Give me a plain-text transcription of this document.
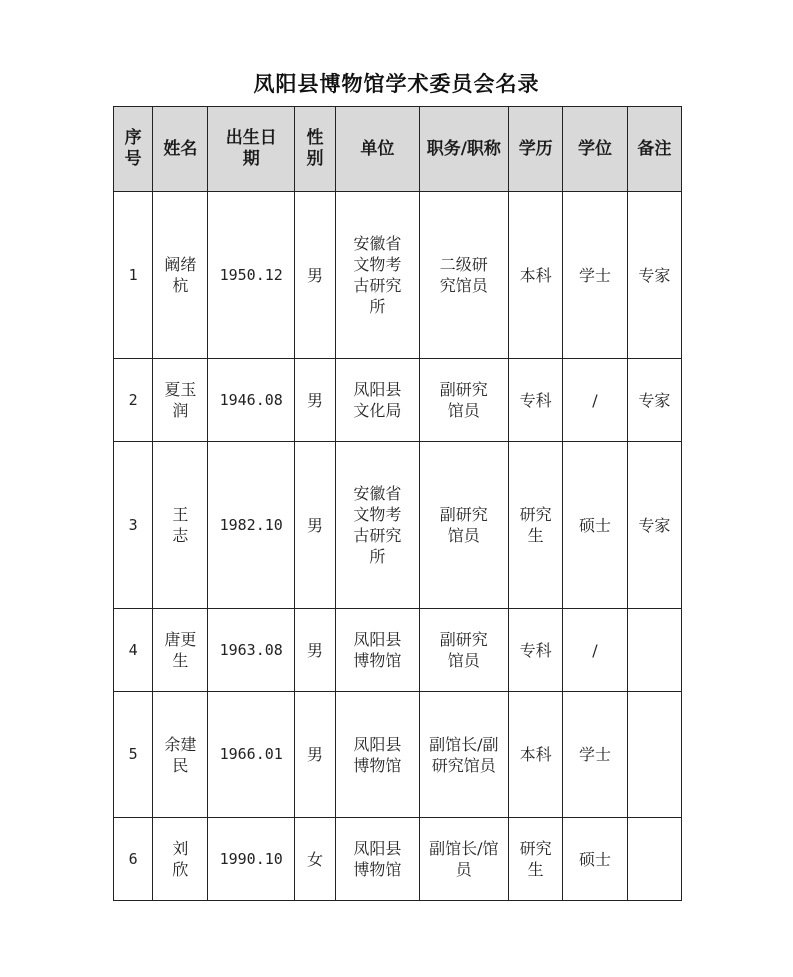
凤阳县博物馆学术委员会名录
序号	姓名	出生日期	性别	单位	职务/职称	学历	学位	备注

1	阚绪杭	1950.12	男	安徽省文物考古研究所	二级研究馆员	本科	学士	专家

2	夏玉润	1946.08	男	凤阳县文化局	副研究馆员	专科	/	专家

3	王志	1982.10	男	安徽省文物考古研究所	副研究馆员	研究生	硕士	专家

4	唐更生	1963.08	男	凤阳县博物馆	副研究馆员	专科	/	

5	余建民	1966.01	男	凤阳县博物馆	副馆长/副研究馆员	本科	学士	

6	刘欣	1990.10	女	凤阳县博物馆	副馆长/馆员	研究生	硕士	
